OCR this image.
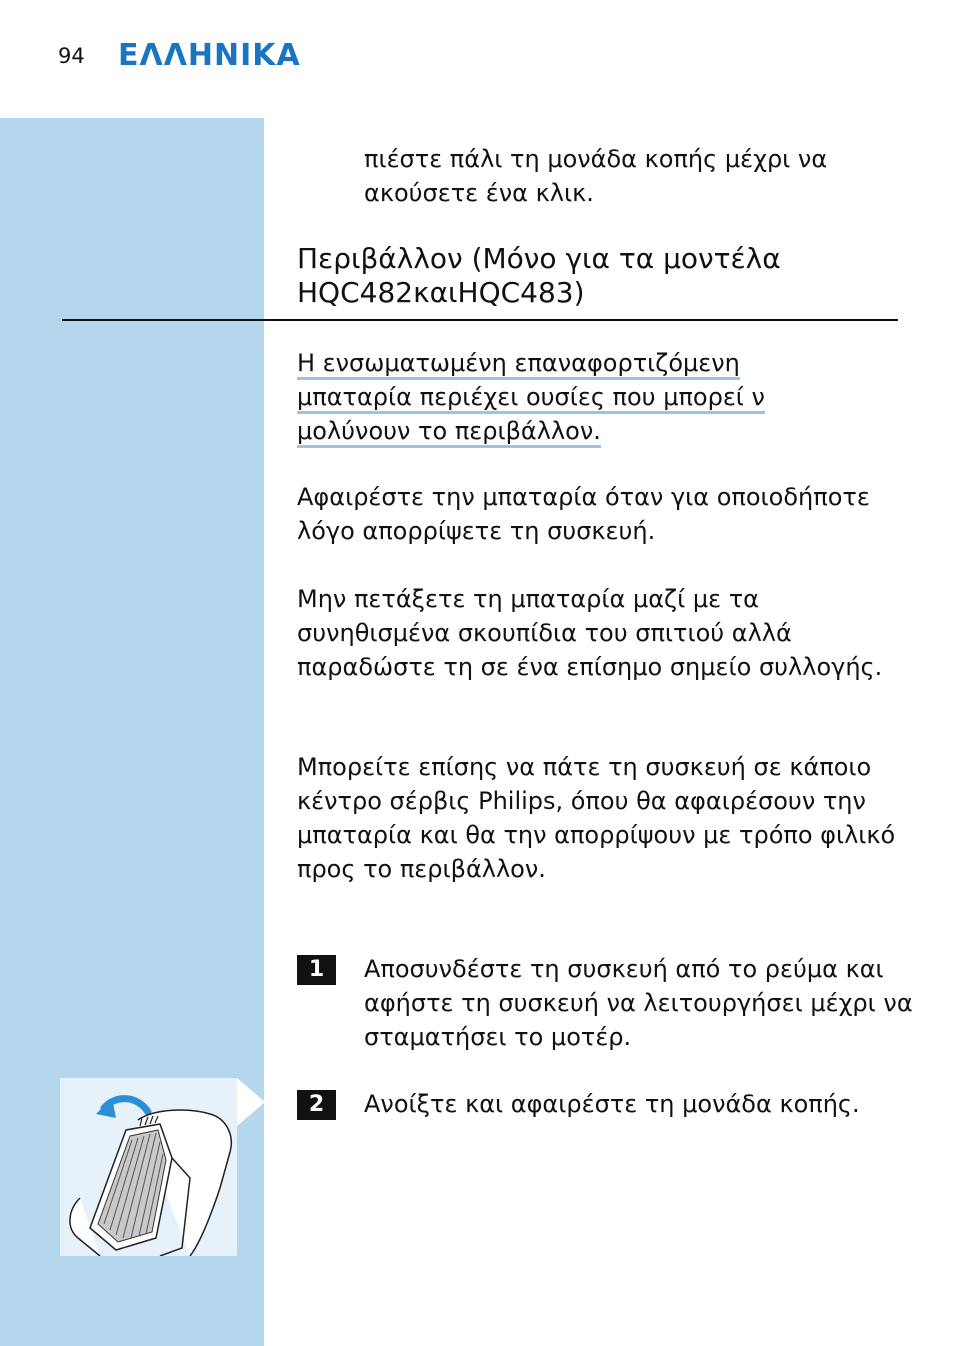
94 ΕΛΛΗΝΙΚΑ

πιέστε πάλι τη μονάδα κοπής μέχρι να ακούσετε ένα κλικ.

Περιβάλλον (Μόνο για τα μοντέλα HQC482καιHQC483)
Η ενσωματωμένη επαναφορτιζόμενη
μπαταρία περιέχει ουσίες που μπορεί ν
μολύνουν το περιβάλλον.

Αφαιρέστε την μπαταρία όταν για οποιοδήποτε λόγο απορρίψετε τη συσκευή.

Μην πετάξετε τη μπαταρία μαζί με τα συνηθισμένα σκουπίδια του σπιτιού αλλά παραδώστε τη σε ένα επίσημο σημείο συλλογής.

Μπορείτε επίσης να πάτε τη συσκευή σε κάποιο κέντρο σέρβις Philips, όπου θα αφαιρέσουν την μπαταρία και θα την απορρίψουν με τρόπο φιλικό προς το περιβάλλον.

1	Αποσυνδέστε τη συσκευή από το ρεύμα και αφήστε τη συσκευή να λειτουργήσει μέχρι να σταματήσει το μοτέρ.

2	Ανοίξτε και αφαιρέστε τη μονάδα κοπής.
